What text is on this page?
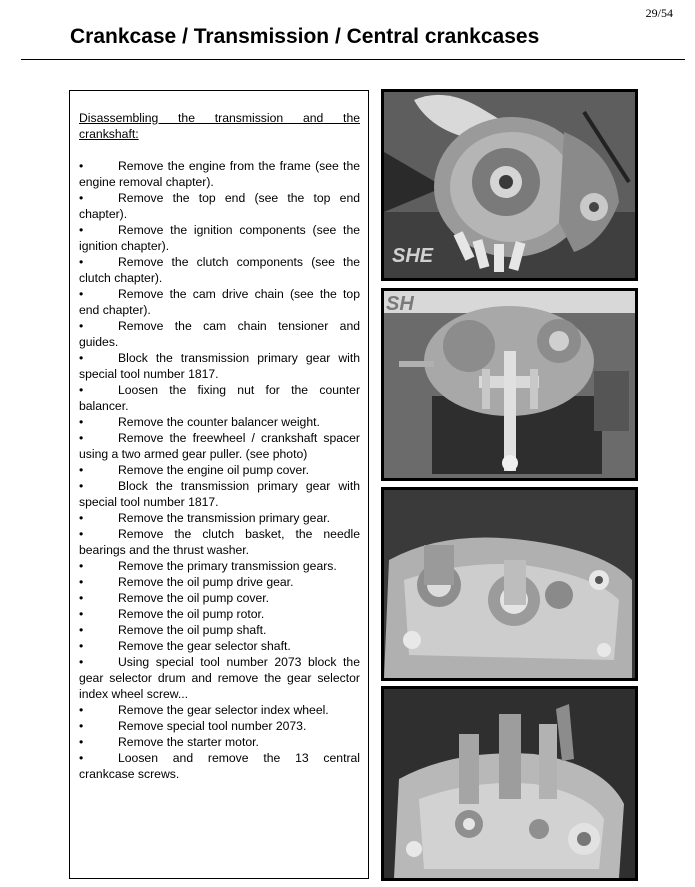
29/54
Crankcase / Transmission / Central crankcases
Disassembling the transmission and the
crankshaft:
•	Remove the engine from the frame (see the engine removal chapter).
•	Remove the top end (see the top end chapter).
•	Remove the ignition components (see the ignition chapter).
•	Remove the clutch components (see the clutch chapter).
•	Remove the cam drive chain (see the top end chapter).
•	Remove the cam chain tensioner and guides.
•	Block the transmission primary gear with special tool number 1817.
•	Loosen the fixing nut for the counter balancer.
•	Remove the counter balancer weight.
•	Remove the freewheel / crankshaft spacer using a two armed gear puller. (see photo)
•	Remove the engine oil pump cover.
•	Block the transmission primary gear with special tool number 1817.
•	Remove the transmission primary gear.
•	Remove the clutch basket, the needle bearings and the thrust washer.
•	Remove the primary transmission gears.
•	Remove the oil pump drive gear.
•	Remove the oil pump cover.
•	Remove the oil pump rotor.
•	Remove the oil pump shaft.
•	Remove the gear selector shaft.
•	Using special tool number 2073 block the gear selector drum and remove the gear selector index wheel screw...
•	Remove the gear selector index wheel.
•	Remove special tool number 2073.
•	Remove the starter motor.
•	Loosen and remove the 13 central crankcase screws.
SHE
SH
